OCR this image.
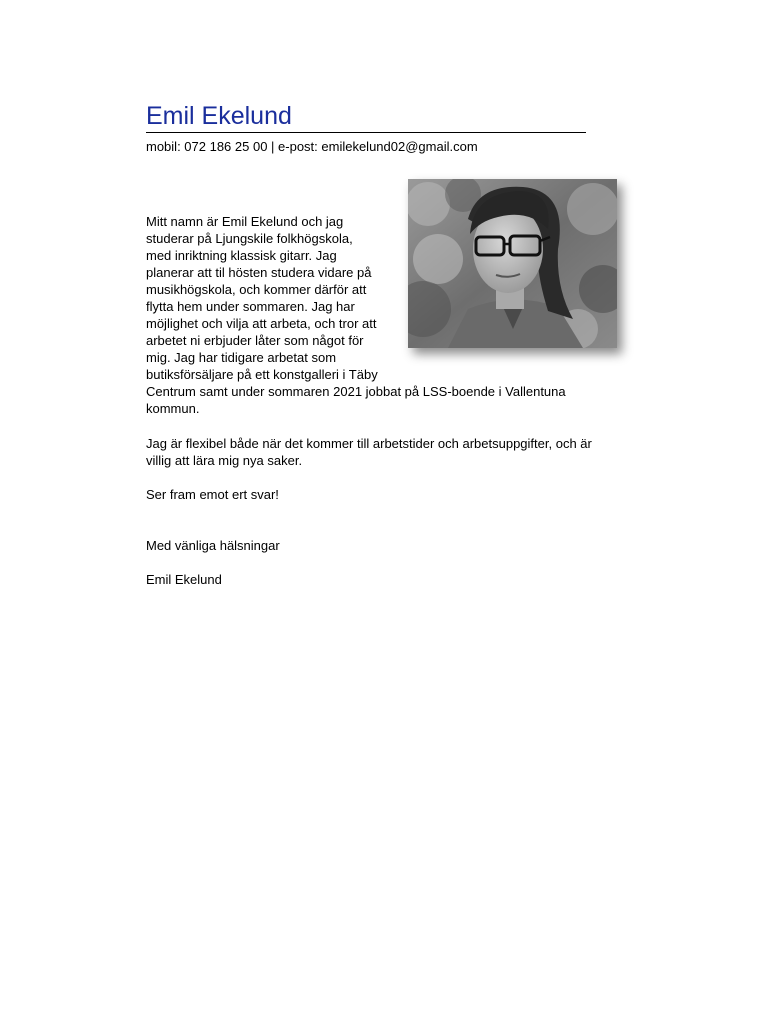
Emil Ekelund
mobil: 072 186 25 00 | e-post: emilekelund02@gmail.com
Mitt namn är Emil Ekelund och jag
studerar på Ljungskile folkhögskola,
med inriktning klassisk gitarr. Jag
planerar att til hösten studera vidare på
musikhögskola, och kommer därför att
flytta hem under sommaren. Jag har
möjlighet och vilja att arbeta, och tror att
arbetet ni erbjuder låter som något för
mig. Jag har tidigare arbetat som
butiksförsäljare på ett konstgalleri i Täby
Centrum samt under sommaren 2021 jobbat på LSS-boende i Vallentuna
kommun.
Jag är flexibel både när det kommer till arbetstider och arbetsuppgifter, och är
villig att lära mig nya saker.
Ser fram emot ert svar!
Med vänliga hälsningar
Emil Ekelund
